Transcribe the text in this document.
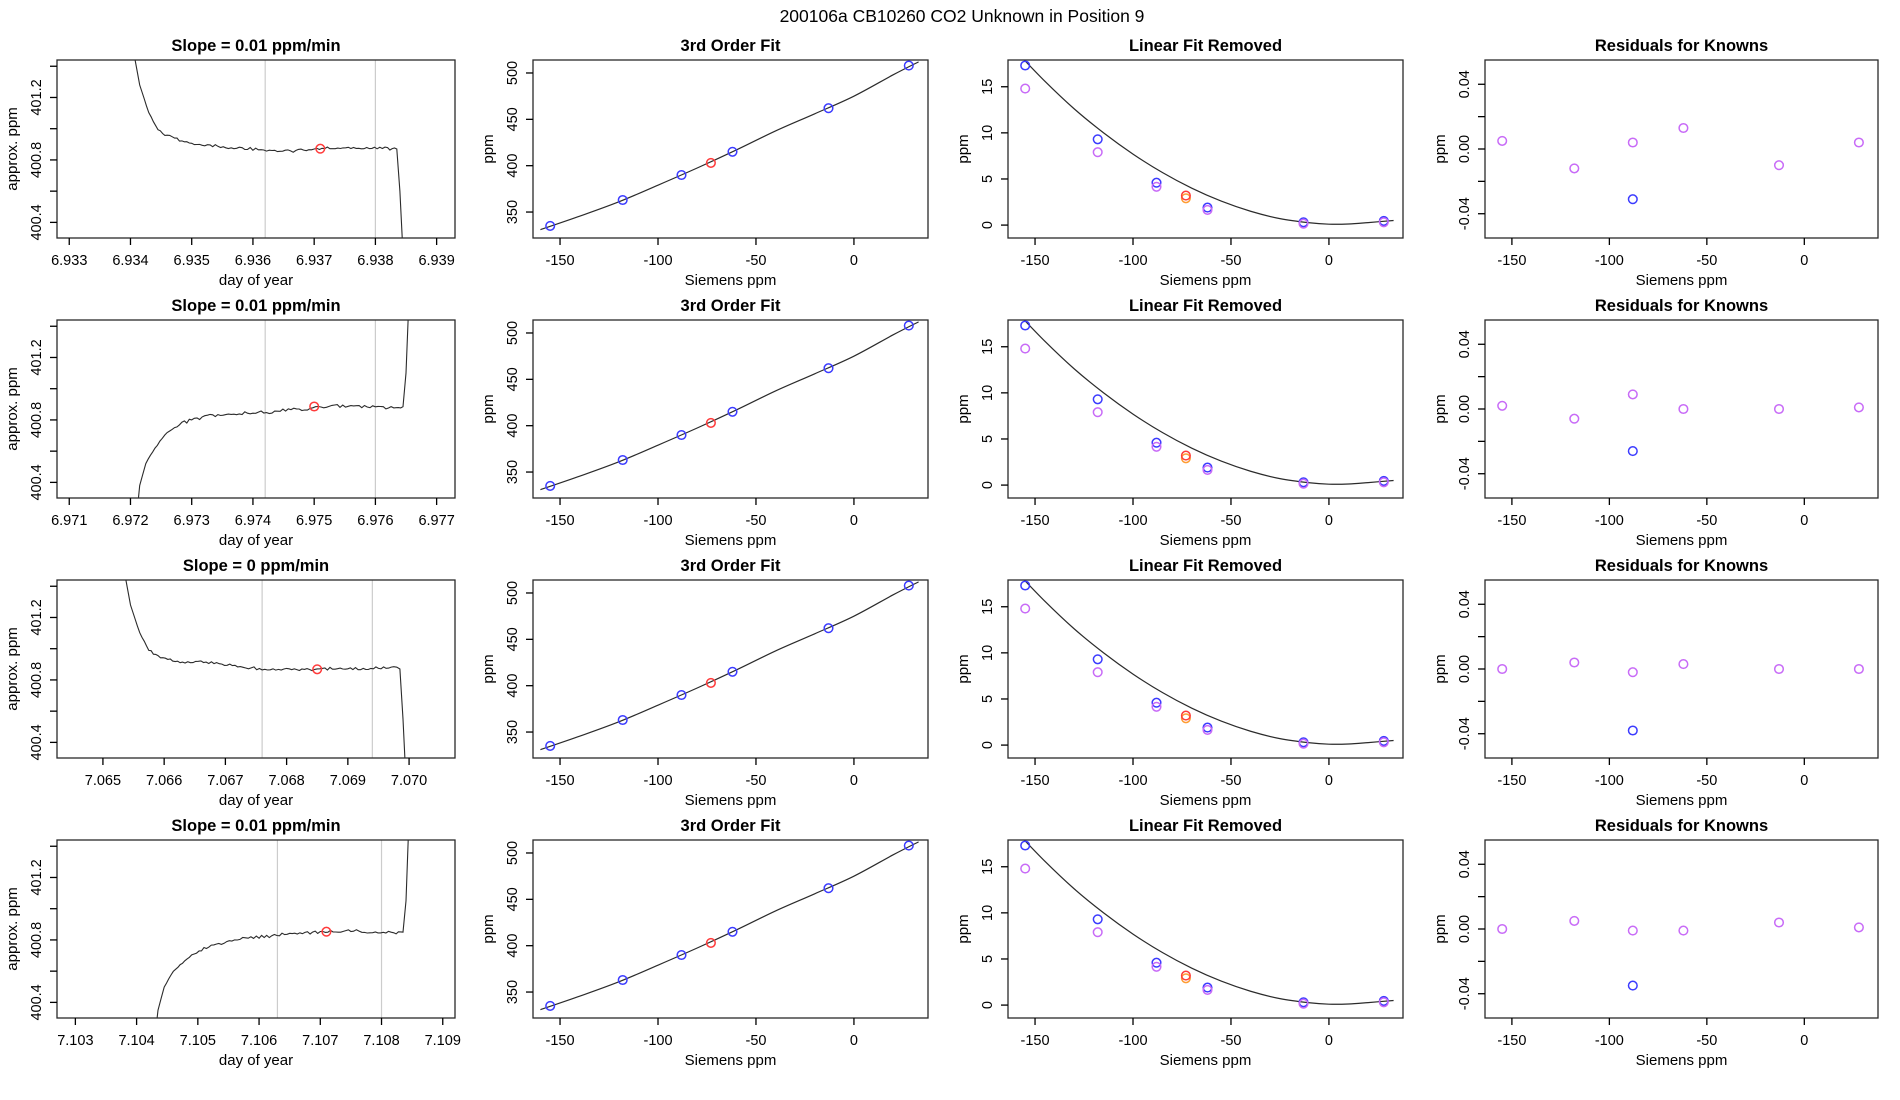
200106a CB10260 CO2 Unknown in Position 9
Slope = 0.01 ppm/min
6.933 6.934 6.935 6.936 6.937 6.938 6.939
day of year
400.4
400.8
401.2
approx. ppm
3rd Order Fit
-150	-100	-50	0
Siemens ppm
350
400
450
500
ppm
Linear Fit Removed
-150	-100	-50	0
Siemens ppm
0
5
10
15
ppm
Residuals for Knowns
-150	-100	-50	0
Siemens ppm
-0.04
0.00
0.04
ppm
Slope = 0.01 ppm/min
6.971 6.972 6.973 6.974 6.975 6.976 6.977
day of year
400.4
400.8
401.2
approx. ppm
3rd Order Fit
-150	-100	-50	0
Siemens ppm
350
400
450
500
ppm
Linear Fit Removed
-150	-100	-50	0
Siemens ppm
0
5
10
15
ppm
Residuals for Knowns
-150	-100	-50	0
Siemens ppm
-0.04
0.00
0.04
ppm
Slope = 0 ppm/min
7.065 7.066 7.067 7.068 7.069 7.070
day of year
400.4
400.8
401.2
approx. ppm
3rd Order Fit
-150	-100	-50	0
Siemens ppm
350
400
450
500
ppm
Linear Fit Removed
-150	-100	-50	0
Siemens ppm
0
5
10
15
ppm
Residuals for Knowns
-150	-100	-50	0
Siemens ppm
-0.04
0.00
0.04
ppm
Slope = 0.01 ppm/min
7.103 7.104 7.105 7.106 7.107 7.108 7.109
day of year
400.4
400.8
401.2
approx. ppm
3rd Order Fit
-150	-100	-50	0
Siemens ppm
350
400
450
500
ppm
Linear Fit Removed
-150	-100	-50	0
Siemens ppm
0
5
10
15
ppm
Residuals for Knowns
-150	-100	-50	0
Siemens ppm
-0.04
0.00
0.04
ppm
